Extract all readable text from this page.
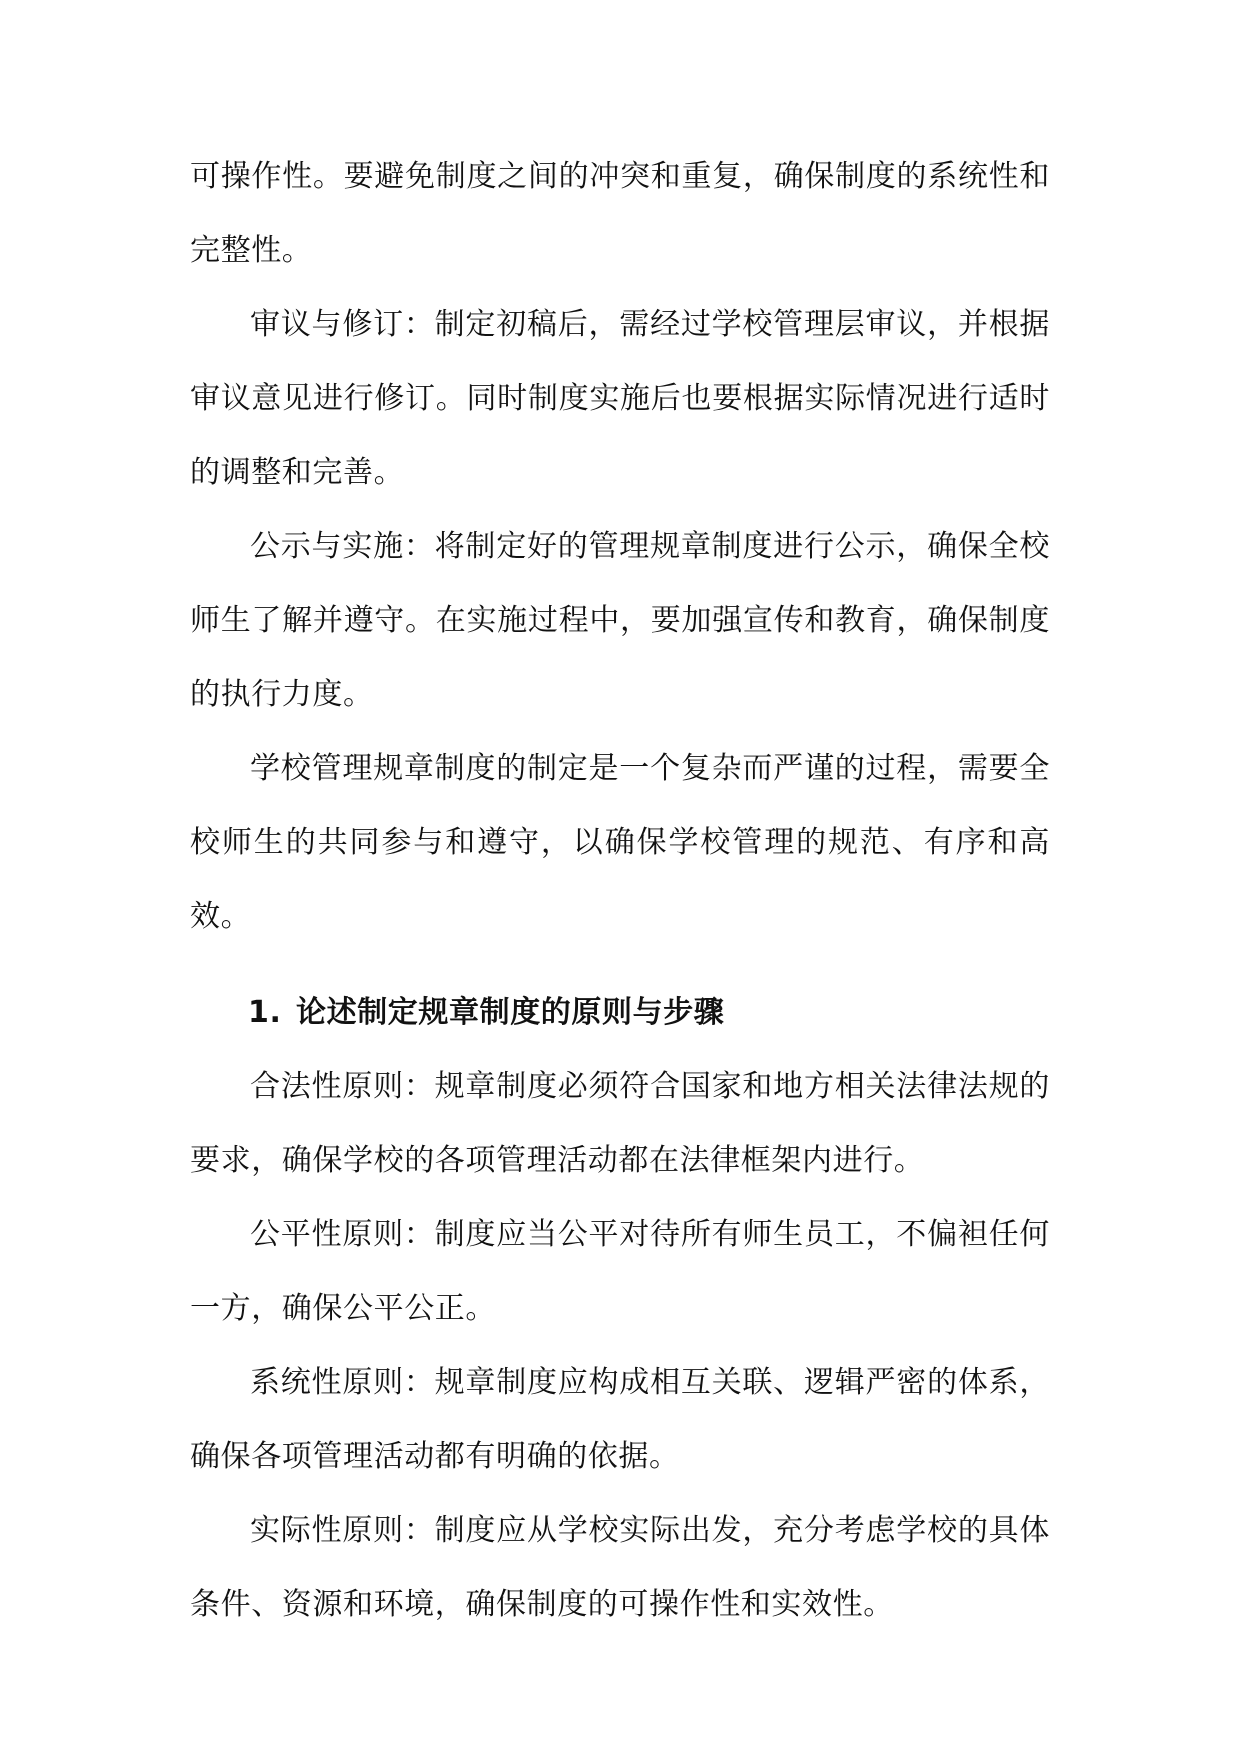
可操作性。要避免制度之间的冲突和重复，确保制度的系统性和完整性。

审议与修订：制定初稿后，需经过学校管理层审议，并根据审议意见进行修订。同时制度实施后也要根据实际情况进行适时的调整和完善。

公示与实施：将制定好的管理规章制度进行公示，确保全校师生了解并遵守。在实施过程中，要加强宣传和教育，确保制度的执行力度。

学校管理规章制度的制定是一个复杂而严谨的过程，需要全校师生的共同参与和遵守，以确保学校管理的规范、有序和高效。

1. 论述制定规章制度的原则与步骤

合法性原则：规章制度必须符合国家和地方相关法律法规的要求，确保学校的各项管理活动都在法律框架内进行。

公平性原则：制度应当公平对待所有师生员工，不偏袒任何一方，确保公平公正。

系统性原则：规章制度应构成相互关联、逻辑严密的体系，确保各项管理活动都有明确的依据。

实际性原则：制度应从学校实际出发，充分考虑学校的具体条件、资源和环境，确保制度的可操作性和实效性。
